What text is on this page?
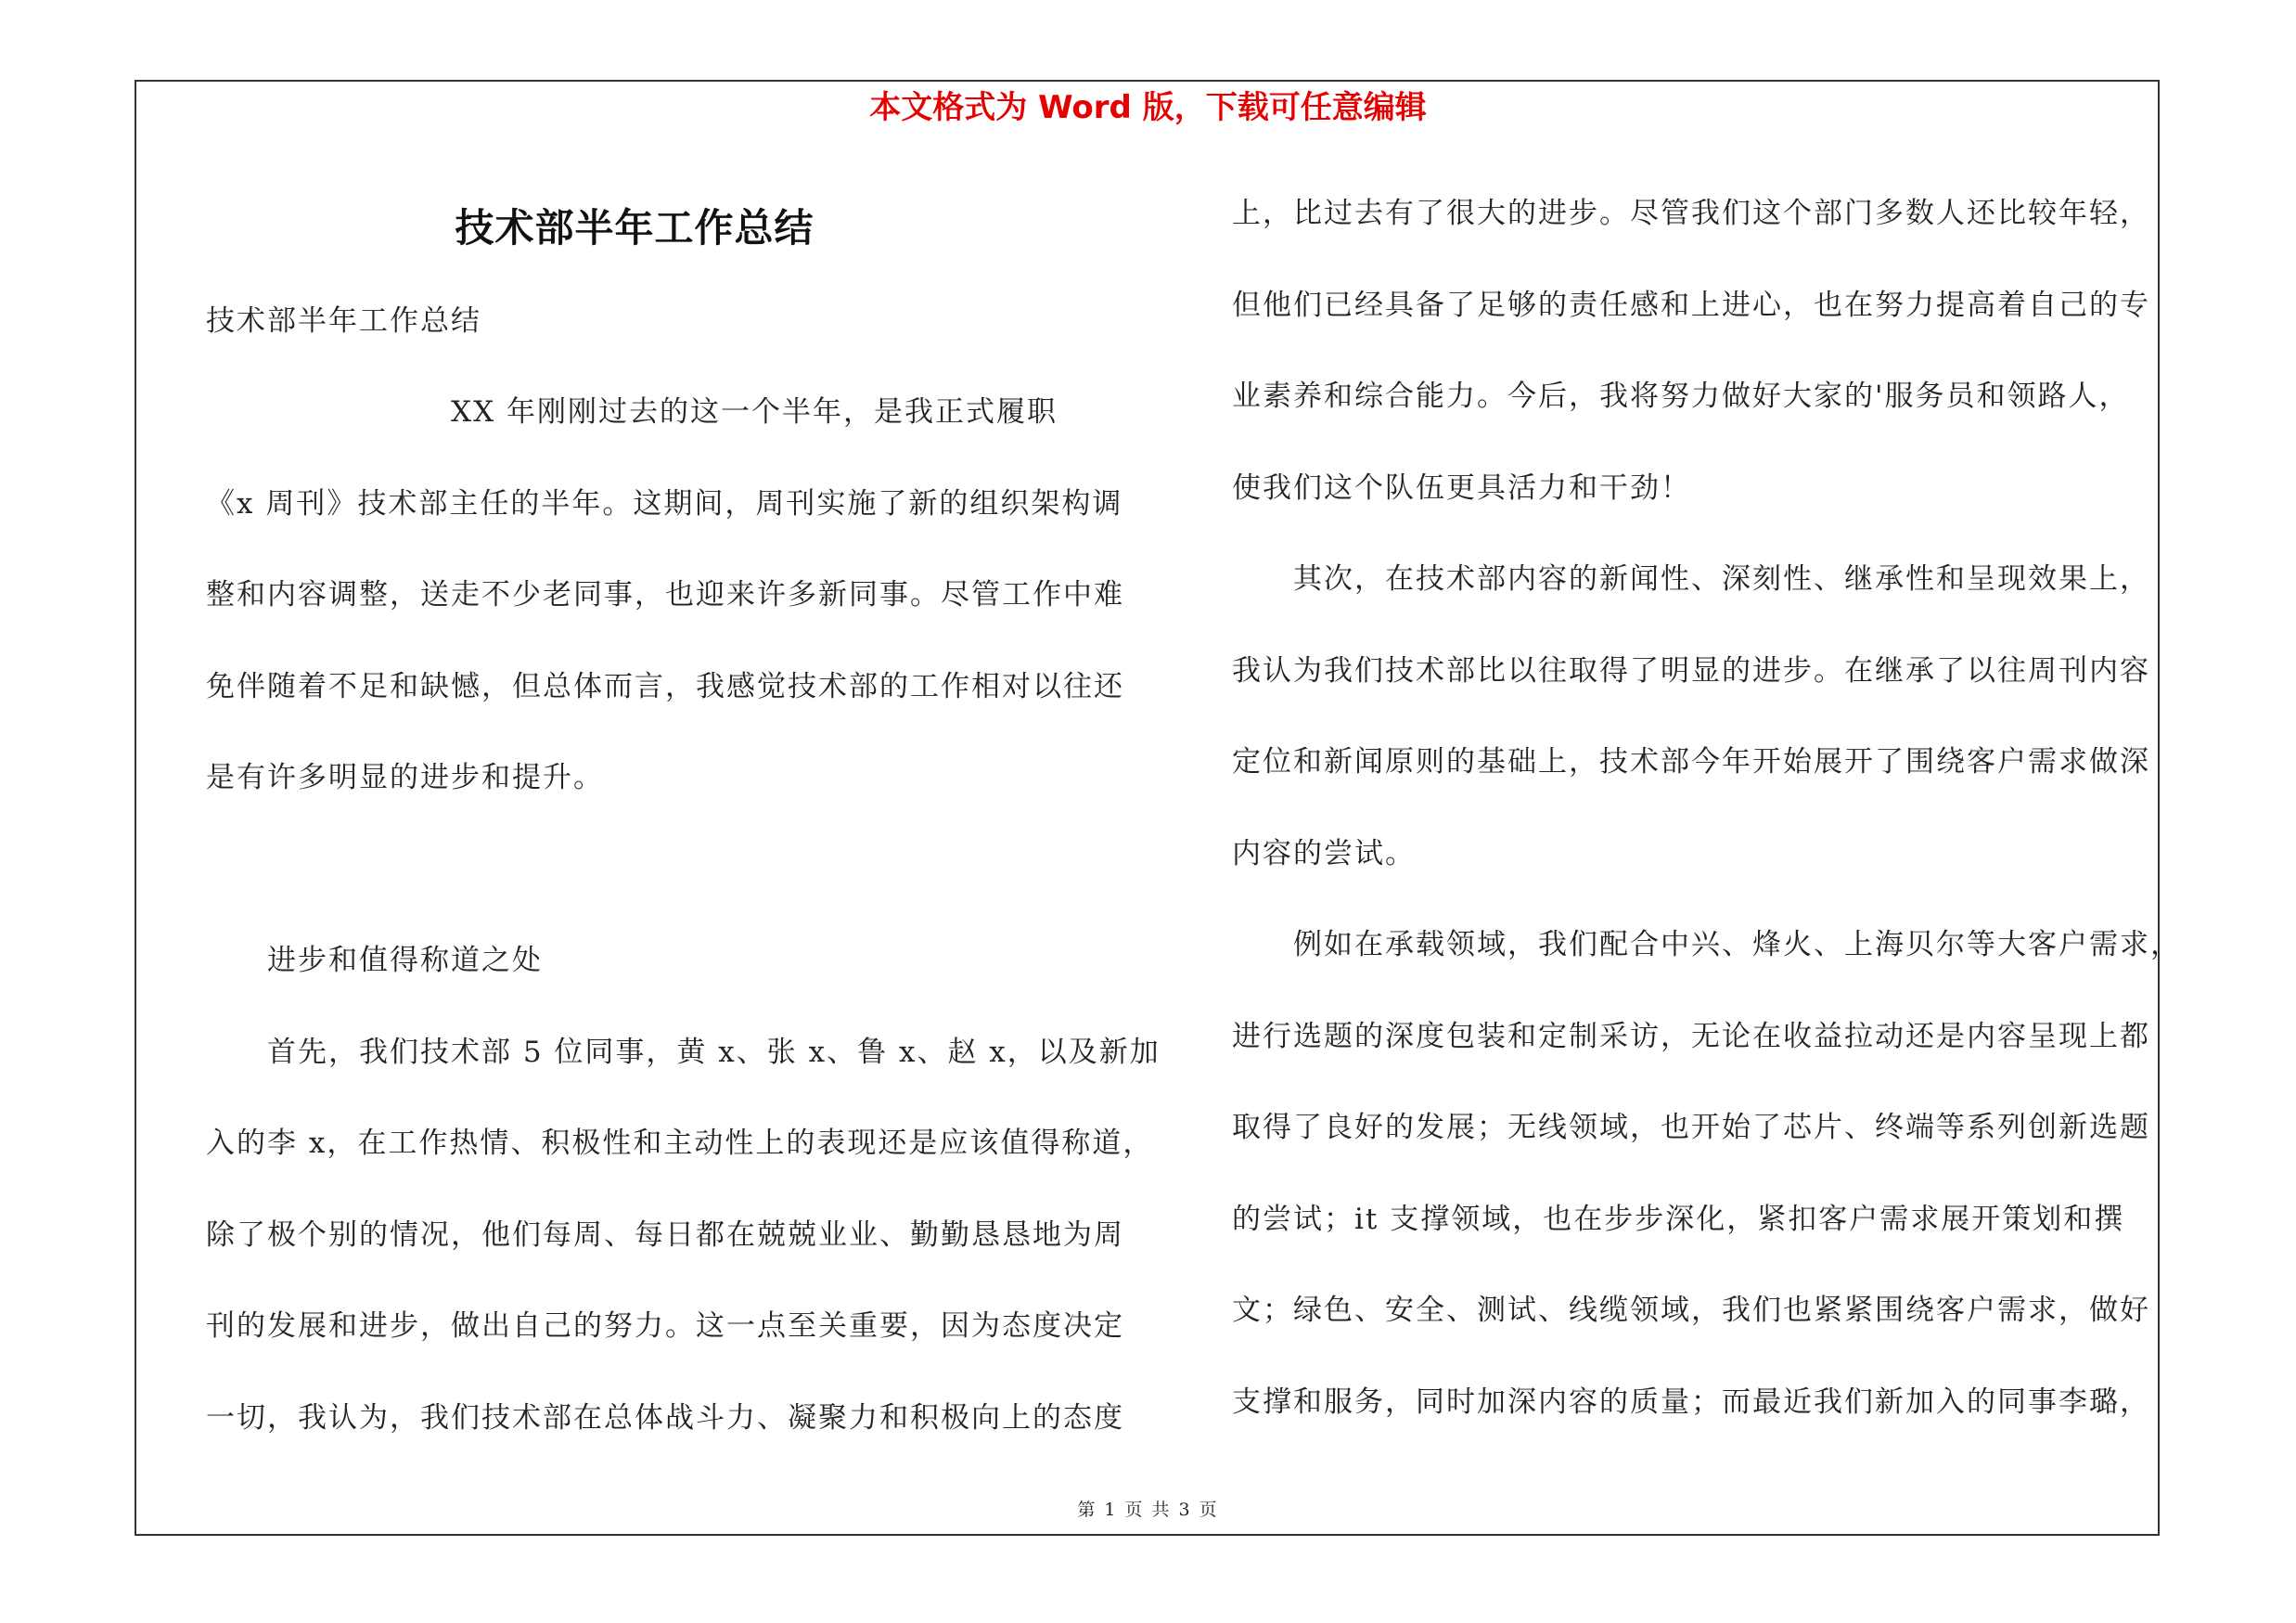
本文格式为 Word 版，下载可任意编辑
技术部半年工作总结

技术部半年工作总结

　　　　　　　　XX 年刚刚过去的这一个半年，是我正式履职

《x 周刊》技术部主任的半年。这期间，周刊实施了新的组织架构调

整和内容调整，送走不少老同事，也迎来许多新同事。尽管工作中难

免伴随着不足和缺憾，但总体而言，我感觉技术部的工作相对以往还

是有许多明显的进步和提升。

　　进步和值得称道之处

　　首先，我们技术部 5 位同事，黄 x、张 x、鲁 x、赵 x，以及新加

入的李 x，在工作热情、积极性和主动性上的表现还是应该值得称道，

除了极个别的情况，他们每周、每日都在兢兢业业、勤勤恳恳地为周

刊的发展和进步，做出自己的努力。这一点至关重要，因为态度决定

一切，我认为，我们技术部在总体战斗力、凝聚力和积极向上的态度

上，比过去有了很大的进步。尽管我们这个部门多数人还比较年轻，

但他们已经具备了足够的责任感和上进心，也在努力提高着自己的专

业素养和综合能力。今后，我将努力做好大家的'服务员和领路人，

使我们这个队伍更具活力和干劲！

　　其次，在技术部内容的新闻性、深刻性、继承性和呈现效果上，

我认为我们技术部比以往取得了明显的进步。在继承了以往周刊内容

定位和新闻原则的基础上，技术部今年开始展开了围绕客户需求做深

内容的尝试。

　　例如在承载领域，我们配合中兴、烽火、上海贝尔等大客户需求，

进行选题的深度包装和定制采访，无论在收益拉动还是内容呈现上都

取得了良好的发展；无线领域，也开始了芯片、终端等系列创新选题

的尝试；it 支撑领域，也在步步深化，紧扣客户需求展开策划和撰

文；绿色、安全、测试、线缆领域，我们也紧紧围绕客户需求，做好

支撑和服务，同时加深内容的质量；而最近我们新加入的同事李璐，

第 1 页 共 3 页
